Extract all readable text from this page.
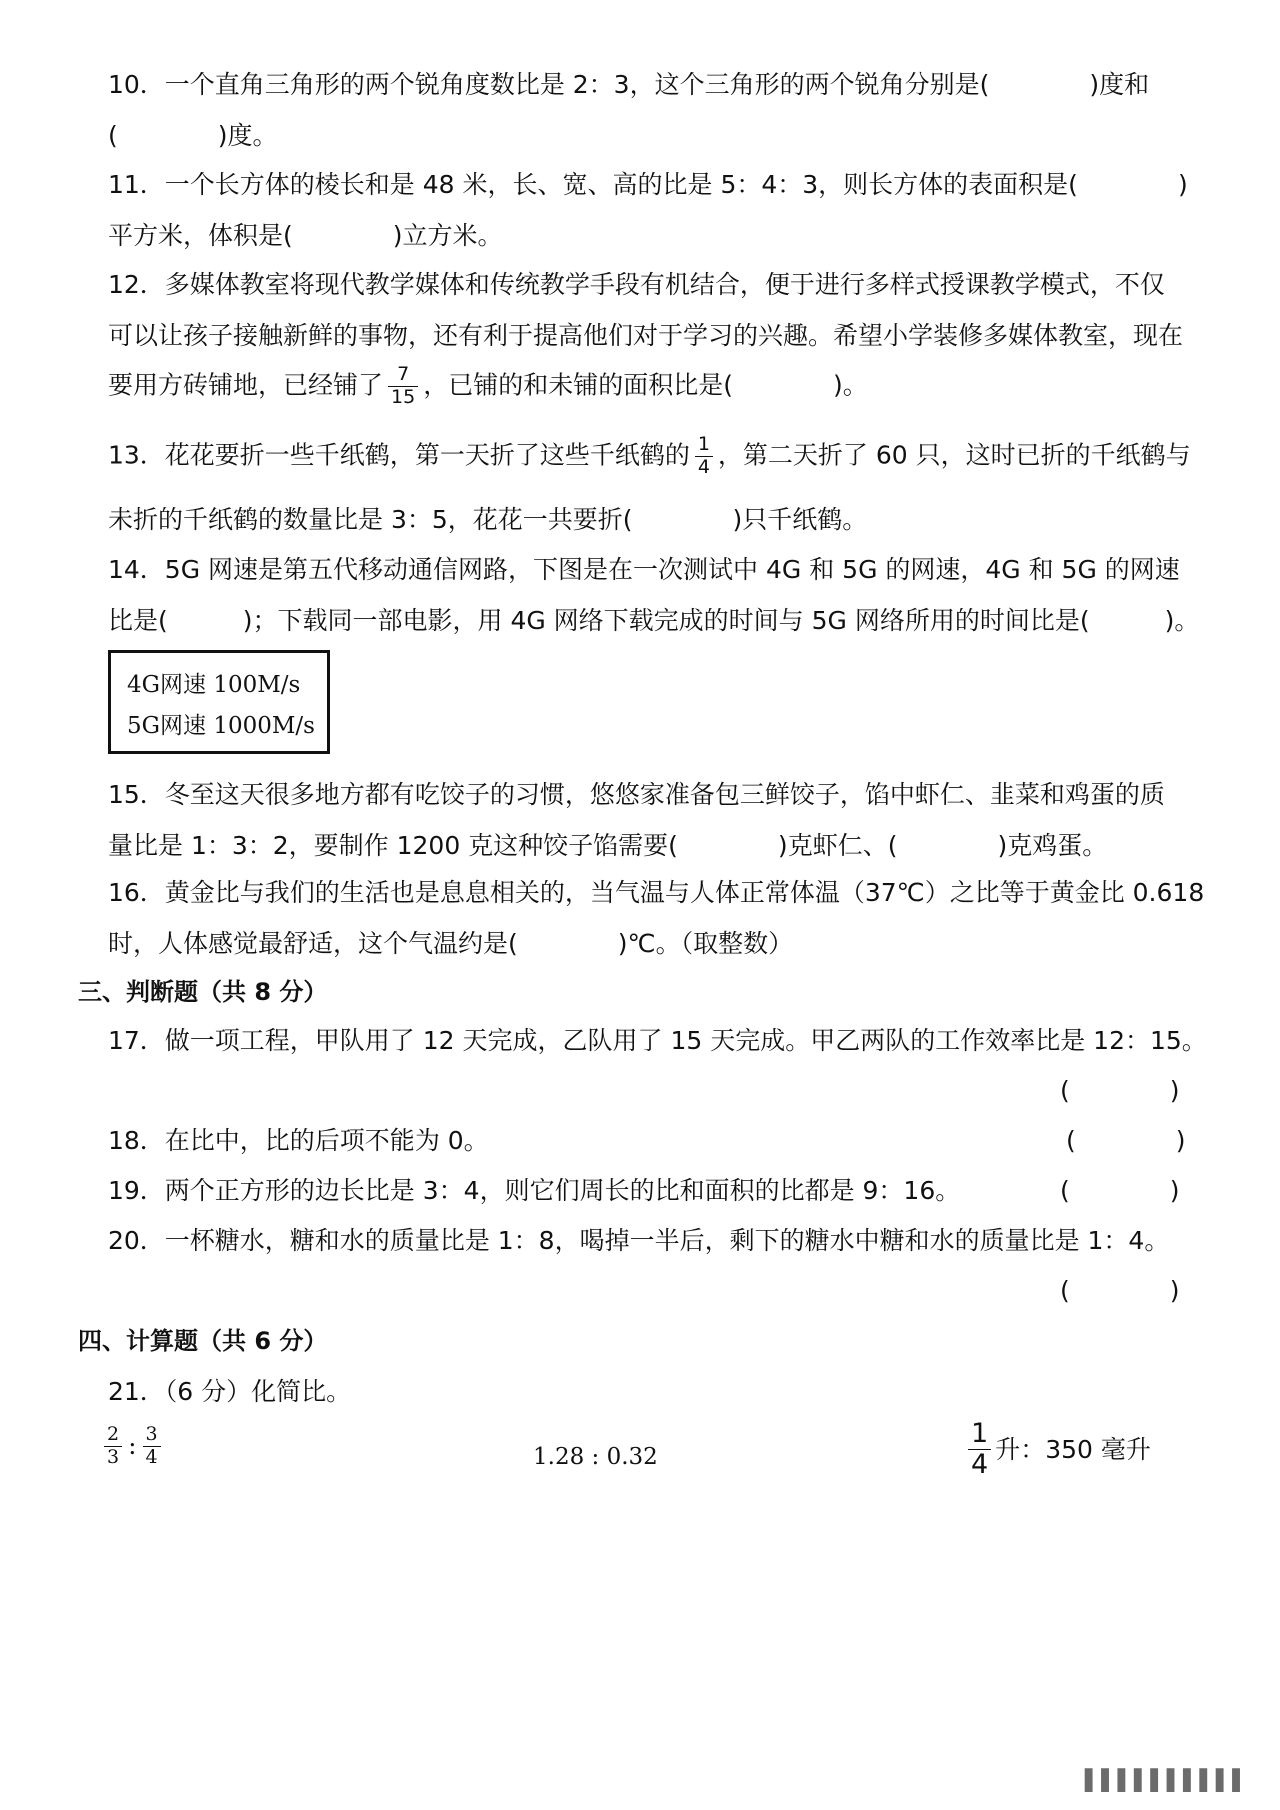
10．一个直角三角形的两个锐角度数比是 2：3，这个三角形的两个锐角分别是(　　　　)度和
(　　　　)度。
11．一个长方体的棱长和是 48 米，长、宽、高的比是 5：4：3，则长方体的表面积是(　　　　)
平方米，体积是(　　　　)立方米。
12．多媒体教室将现代教学媒体和传统教学手段有机结合，便于进行多样式授课教学模式，不仅
可以让孩子接触新鲜的事物，还有利于提高他们对于学习的兴趣。希望小学装修多媒体教室，现在
要用方砖铺地，已经铺了 $\frac{7}{15}$ ，已铺的和未铺的面积比是(　　　　)。
13．花花要折一些千纸鹤，第一天折了这些千纸鹤的 $\frac{1}{4}$ ，第二天折了 60 只，这时已折的千纸鹤与
未折的千纸鹤的数量比是 3：5，花花一共要折(　　　　)只千纸鹤。
14．5G 网速是第五代移动通信网路，下图是在一次测试中 4G 和 5G 的网速，4G 和 5G 的网速
比是(　　　)；下载同一部电影，用 4G 网络下载完成的时间与 5G 网络所用的时间比是(　　　)。
4G网速 100M/s
5G网速 1000M/s
15．冬至这天很多地方都有吃饺子的习惯，悠悠家准备包三鲜饺子，馅中虾仁、韭菜和鸡蛋的质
量比是 1：3：2，要制作 1200 克这种饺子馅需要(　　　　)克虾仁、(　　　　)克鸡蛋。
16．黄金比与我们的生活也是息息相关的，当气温与人体正常体温（37℃）之比等于黄金比 0.618
时，人体感觉最舒适，这个气温约是(　　　　)℃。（取整数）
三、判断题（共 8 分）
17．做一项工程，甲队用了 12 天完成，乙队用了 15 天完成。甲乙两队的工作效率比是 12：15。
(　　　　)
18．在比中，比的后项不能为 0。	(　　　　)
19．两个正方形的边长比是 3：4，则它们周长的比和面积的比都是 9：16。	(　　　　)
20．一杯糖水，糖和水的质量比是 1：8，喝掉一半后，剩下的糖水中糖和水的质量比是 1：4。
(　　　　)
四、计算题（共 6 分）
21．（6 分）化简比。
$\frac{2}{3}$ : $\frac{3}{4}$	1.28 : 0.32	$\frac{1}{4}$ 升：350 毫升
▌▌▌▌▌▌▌▌▌▌
